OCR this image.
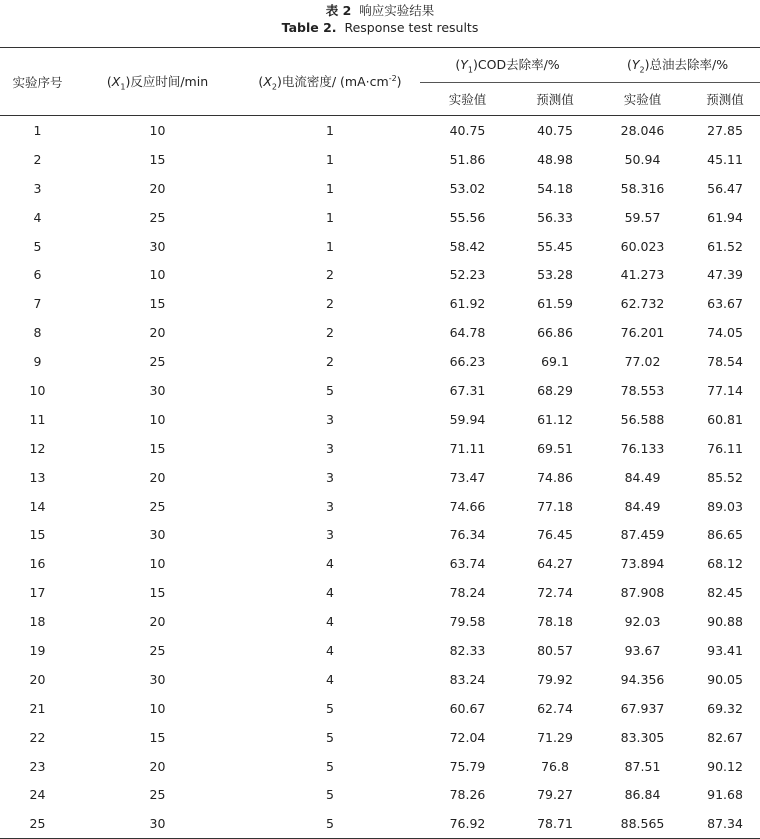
表 2 响应实验结果
Table 2. Response test results
实验序号	$(X_1)$反应时间/min	$(X_2)$电流密度/ $(mA\cdot cm^{-2})$	$(Y_1)COD$去除率/%		$(Y_2)$总油去除率/%	
			实验值	预测值	实验值	预测值
1	10	1	40.75	40.75	28.046	27.85
2	15	1	51.86	48.98	50.94	45.11
3	20	1	53.02	54.18	58.316	56.47
4	25	1	55.56	56.33	59.57	61.94
5	30	1	58.42	55.45	60.023	61.52
6	10	2	52.23	53.28	41.273	47.39
7	15	2	61.92	61.59	62.732	63.67
8	20	2	64.78	66.86	76.201	74.05
9	25	2	66.23	69.1	77.02	78.54
10	30	5	67.31	68.29	78.553	77.14
11	10	3	59.94	61.12	56.588	60.81
12	15	3	71.11	69.51	76.133	76.11
13	20	3	73.47	74.86	84.49	85.52
14	25	3	74.66	77.18	84.49	89.03
15	30	3	76.34	76.45	87.459	86.65
16	10	4	63.74	64.27	73.894	68.12
17	15	4	78.24	72.74	87.908	82.45
18	20	4	79.58	78.18	92.03	90.88
19	25	4	82.33	80.57	93.67	93.41
20	30	4	83.24	79.92	94.356	90.05
21	10	5	60.67	62.74	67.937	69.32
22	15	5	72.04	71.29	83.305	82.67
23	20	5	75.79	76.8	87.51	90.12
24	25	5	78.26	79.27	86.84	91.68
25	30	5	76.92	78.71	88.565	87.34
